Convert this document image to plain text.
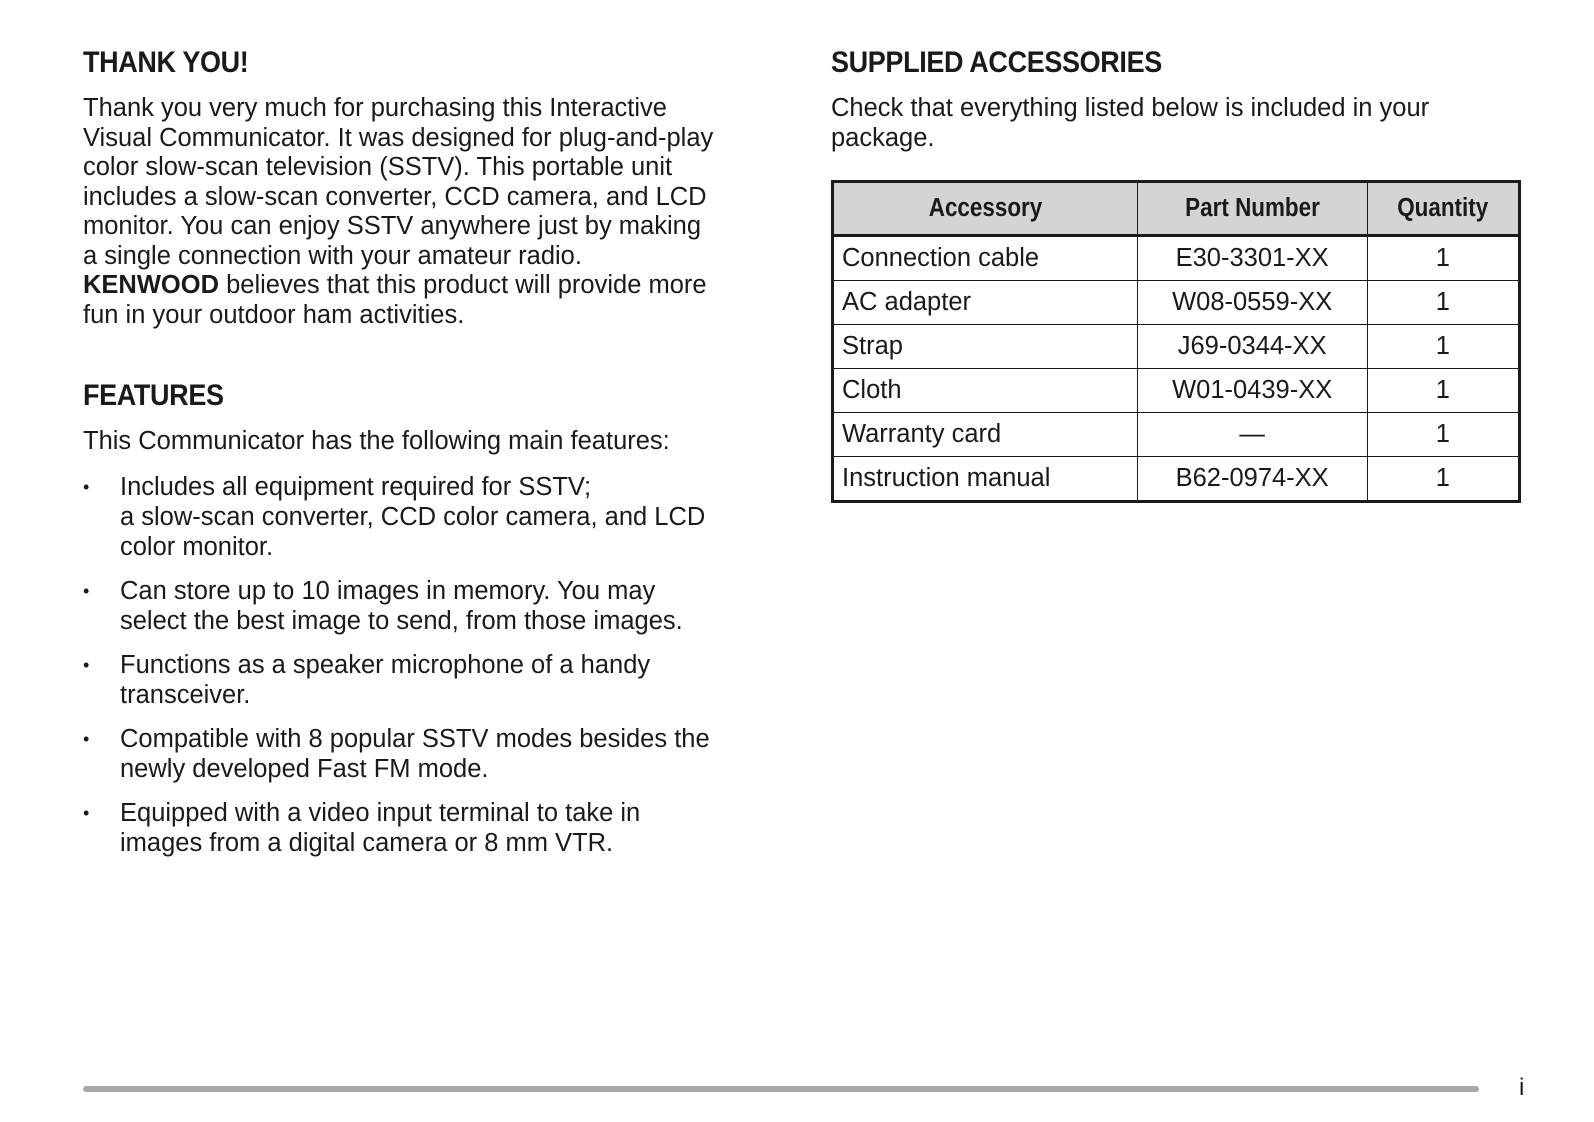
THANK YOU!

Thank you very much for purchasing this Interactive
Visual Communicator. It was designed for plug-and-play
color slow-scan television (SSTV). This portable unit
includes a slow-scan converter, CCD camera, and LCD
monitor. You can enjoy SSTV anywhere just by making
a single connection with your amateur radio.
KENWOOD believes that this product will provide more
fun in your outdoor ham activities.

FEATURES

This Communicator has the following main features:

• Includes all equipment required for SSTV;
a slow-scan converter, CCD color camera, and LCD
color monitor.
• Can store up to 10 images in memory. You may
select the best image to send, from those images.
• Functions as a speaker microphone of a handy
transceiver.
• Compatible with 8 popular SSTV modes besides the
newly developed Fast FM mode.
• Equipped with a video input terminal to take in
images from a digital camera or 8 mm VTR.
SUPPLIED ACCESSORIES

Check that everything listed below is included in your
package.

Accessory	Part Number	Quantity
Connection cable	E30-3301-XX	1
AC adapter	W08-0559-XX	1
Strap	J69-0344-XX	1
Cloth	W01-0439-XX	1
Warranty card	—	1
Instruction manual	B62-0974-XX	1
i
